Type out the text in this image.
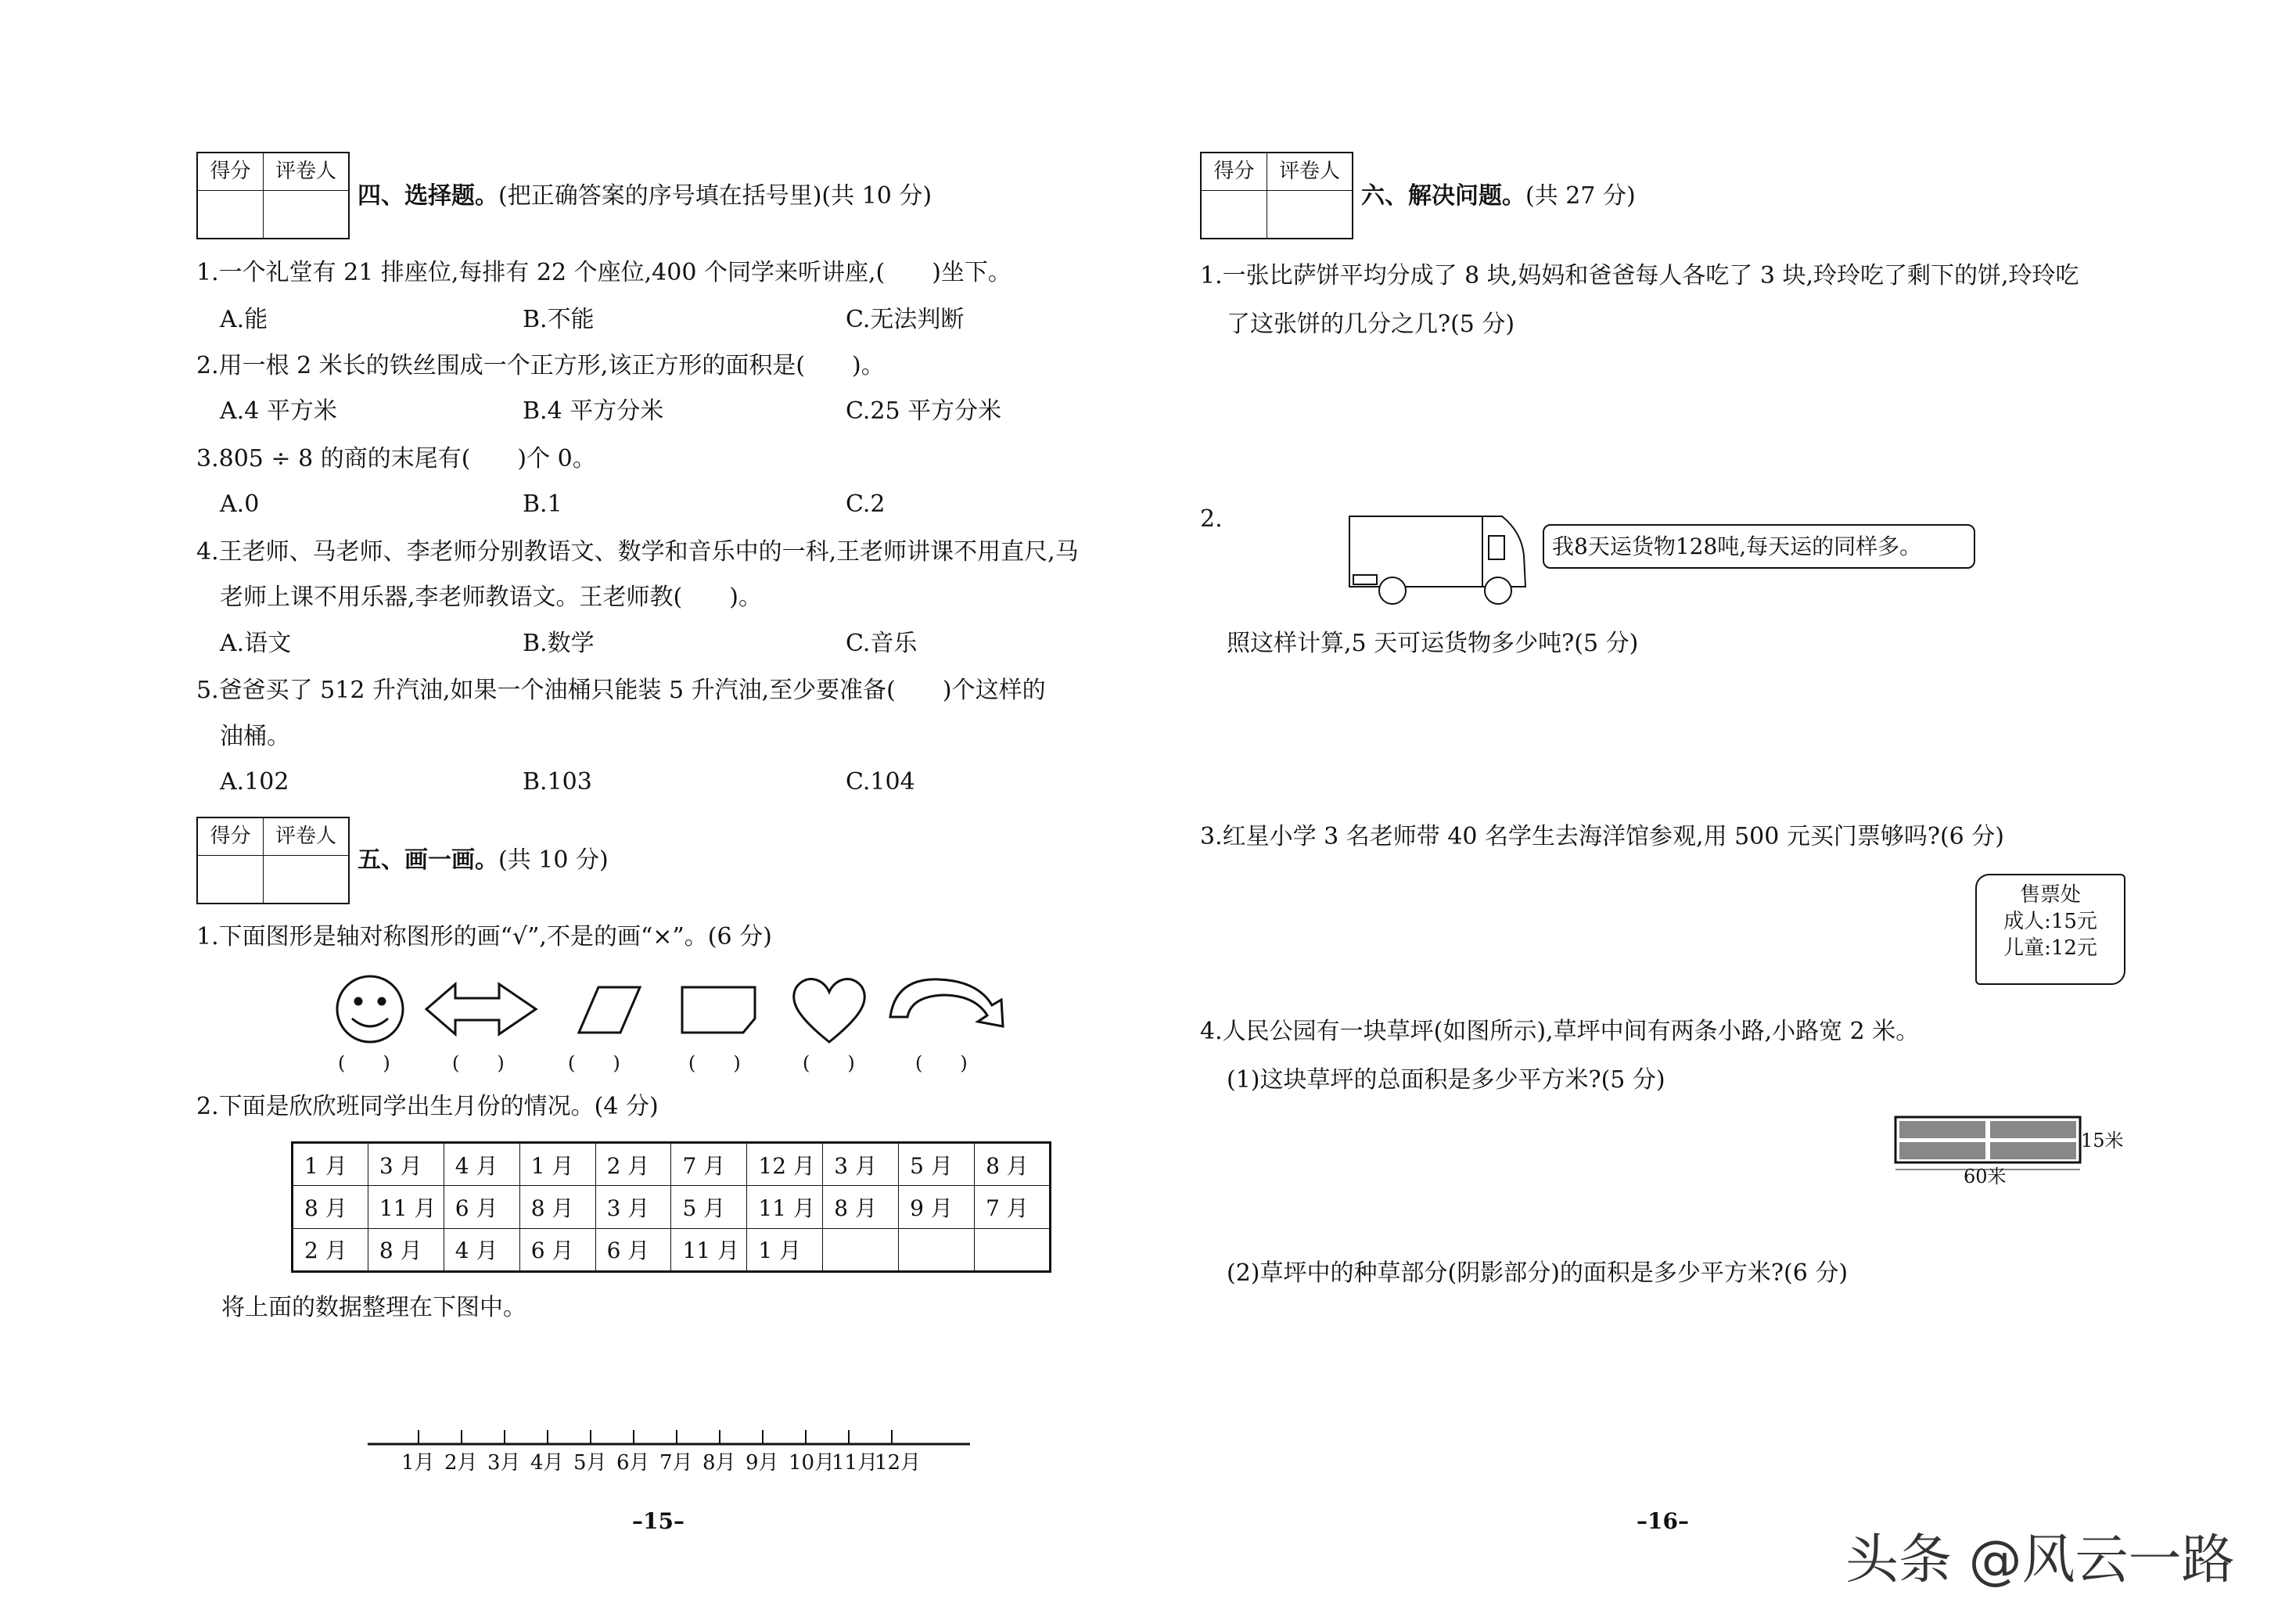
得分	评卷人
四、选择题。(把正确答案的序号填在括号里)(共 10 分)
1.一个礼堂有 21 排座位,每排有 22 个座位,400 个同学来听讲座,(　　)坐下。
A.能	B.不能	C.无法判断
2.用一根 2 米长的铁丝围成一个正方形,该正方形的面积是(　　)。
A.4 平方米	B.4 平方分米	C.25 平方分米
3.805 ÷ 8 的商的末尾有(　　)个 0。
A.0	B.1	C.2
4.王老师、马老师、李老师分别教语文、数学和音乐中的一科,王老师讲课不用直尺,马
老师上课不用乐器,李老师教语文。王老师教(　　)。
A.语文	B.数学	C.音乐
5.爸爸买了 512 升汽油,如果一个油桶只能装 5 升汽油,至少要准备(　　)个这样的
油桶。
A.102	B.103	C.104
得分	评卷人
五、画一画。(共 10 分)
1.下面图形是轴对称图形的画“√”,不是的画“×”。(6 分)
(　　)	(　　)	(　　)	(　　)	(　　)	(　　)
2.下面是欣欣班同学出生月份的情况。(4 分)
1 月	3 月	4 月	1 月	2 月	7 月	12 月	3 月	5 月	8 月
8 月	11 月	6 月	8 月	3 月	5 月	11 月	8 月	9 月	7 月
2 月	8 月	4 月	6 月	6 月	11 月	1 月			
将上面的数据整理在下图中。
1月 2月 3月 4月 5月 6月 7月 8月 9月 10月
11月
12月
–15–
得分	评卷人
六、解决问题。(共 27 分)
1.一张比萨饼平均分成了 8 块,妈妈和爸爸每人各吃了 3 块,玲玲吃了剩下的饼,玲玲吃
了这张饼的几分之几?(5 分)
2.
我8天运货物128吨,每天运的同样多。
照这样计算,5 天可运货物多少吨?(5 分)
3.红星小学 3 名老师带 40 名学生去海洋馆参观,用 500 元买门票够吗?(6 分)
售票处
成人:15元
儿童:12元
4.人民公园有一块草坪(如图所示),草坪中间有两条小路,小路宽 2 米。
(1)这块草坪的总面积是多少平方米?(5 分)
15米
60米
(2)草坪中的种草部分(阴影部分)的面积是多少平方米?(6 分)
–16–
头条 @风云一路
